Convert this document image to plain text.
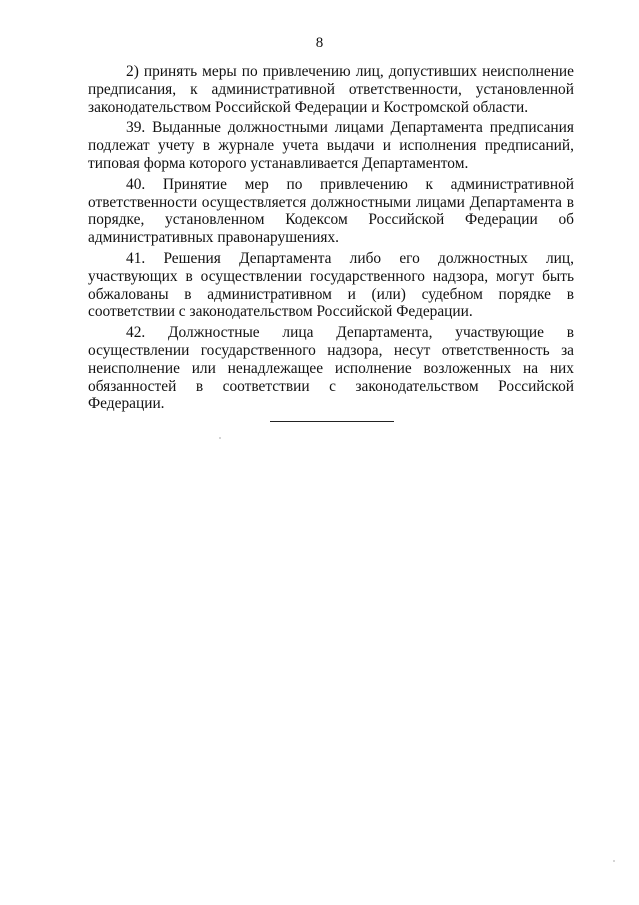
8

2) принять меры по привлечению лиц, допустивших неисполнение предписания, к административной ответственности, установленной законодательством Российской Федерации и Костромской области.

39. Выданные должностными лицами Департамента предписания подлежат учету в журнале учета выдачи и исполнения предписаний, типовая форма которого устанавливается Департаментом.

40. Принятие мер по привлечению к административной ответственности осуществляется должностными лицами Департамента в порядке, установленном Кодексом Российской Федерации об административных правонарушениях.

41. Решения Департамента либо его должностных лиц, участвующих в осуществлении государственного надзора, могут быть обжалованы в административном и (или) судебном порядке в соответствии с законодательством Российской Федерации.

42. Должностные лица Департамента, участвующие в осуществлении государственного надзора, несут ответственность за неисполнение или ненадлежащее исполнение возложенных на них обязанностей в соответствии с законодательством Российской Федерации.
